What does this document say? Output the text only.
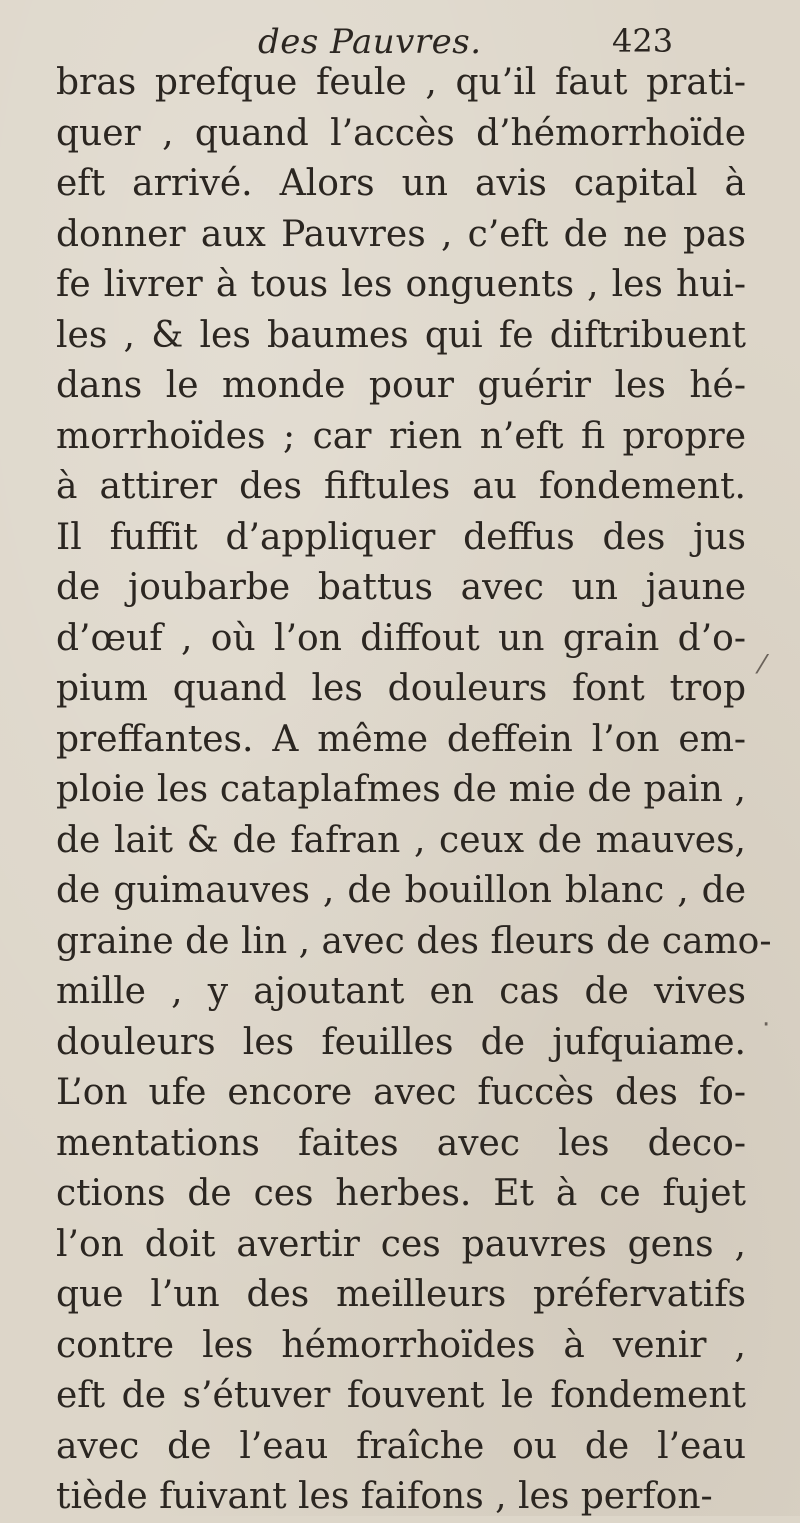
des Pauvres.	423
bras prefque feule , qu’il faut prati-
quer , quand l’accès d’hémorrhoïde
eft arrivé. Alors un avis capital à
donner aux Pauvres , c’eft de ne pas
fe livrer à tous les onguents , les hui-
les , & les baumes qui fe diftribuent
dans le monde pour guérir les hé-
morrhoïdes ; car rien n’eft fi propre
à attirer des fiftules au fondement.
Il fuffit d’appliquer deffus des jus
de joubarbe battus avec un jaune
d’œuf , où l’on diffout un grain d’o-
pium quand les douleurs font trop
preffantes. A même deffein l’on em-
ploie les cataplafmes de mie de pain ,
de lait & de fafran , ceux de mauves,
de guimauves , de bouillon blanc , de
graine de lin , avec des fleurs de camo-
mille , y ajoutant en cas de vives
douleurs les feuilles de jufquiame.
L’on ufe encore avec fuccès des fo-
mentations faites avec les deco-
ctions de ces herbes. Et à ce fujet
l’on doit avertir ces pauvres gens ,
que l’un des meilleurs préfervatifs
contre les hémorrhoïdes à venir ,
eft de s’étuver fouvent le fondement
avec de l’eau fraîche ou de l’eau
tiède fuivant les faifons , les perfon-
⁄
·
